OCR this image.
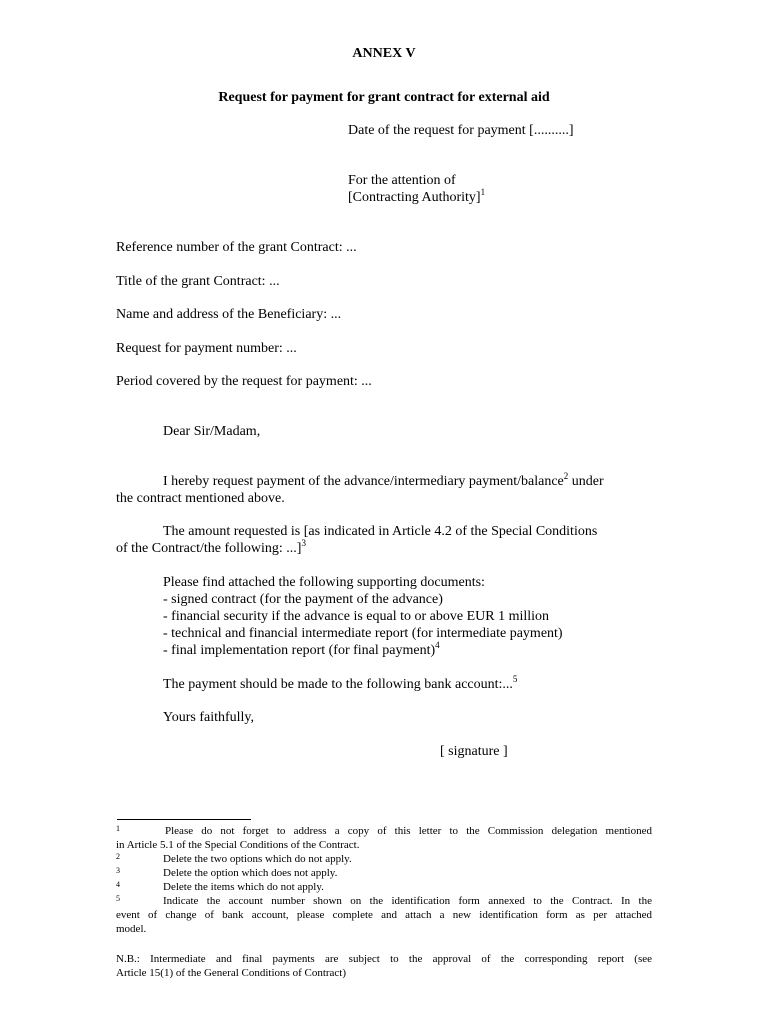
ANNEX V
Request for payment for grant contract for external aid
Date of the request for payment [..........]
For the attention of
[Contracting Authority]$^1$
Reference number of the grant Contract: ...
Title of the grant Contract: ...
Name and address of the Beneficiary: ...
Request for payment number: ...
Period covered by the request for payment: ...
Dear Sir/Madam,
I hereby request payment of the advance/intermediary payment/balance$^2$ under
the contract mentioned above.
The amount requested is [as indicated in Article 4.2 of the Special Conditions
of the Contract/the following: ...]$^3$
Please find attached the following supporting documents:
- signed contract (for the payment of the advance)
- financial security if the advance is equal to or above EUR 1 million
- technical and financial intermediate report (for intermediate payment)
- final implementation report (for final payment)$^4$
The payment should be made to the following bank account:...$^5$
Yours faithfully,
[ signature ]
1	Please do not forget to address a copy of this letter to the Commission delegation mentioned
in Article 5.1 of the Special Conditions of the Contract.
2	Delete the two options which do not apply.
3	Delete the option which does not apply.
4	Delete the items which do not apply.
5	Indicate the account number shown on the identification form annexed to the Contract. In the
event of change of bank account, please complete and attach a new identification form as per attached
model.
N.B.: Intermediate and final payments are subject to the approval of the corresponding report (see
Article 15(1) of the General Conditions of Contract)
